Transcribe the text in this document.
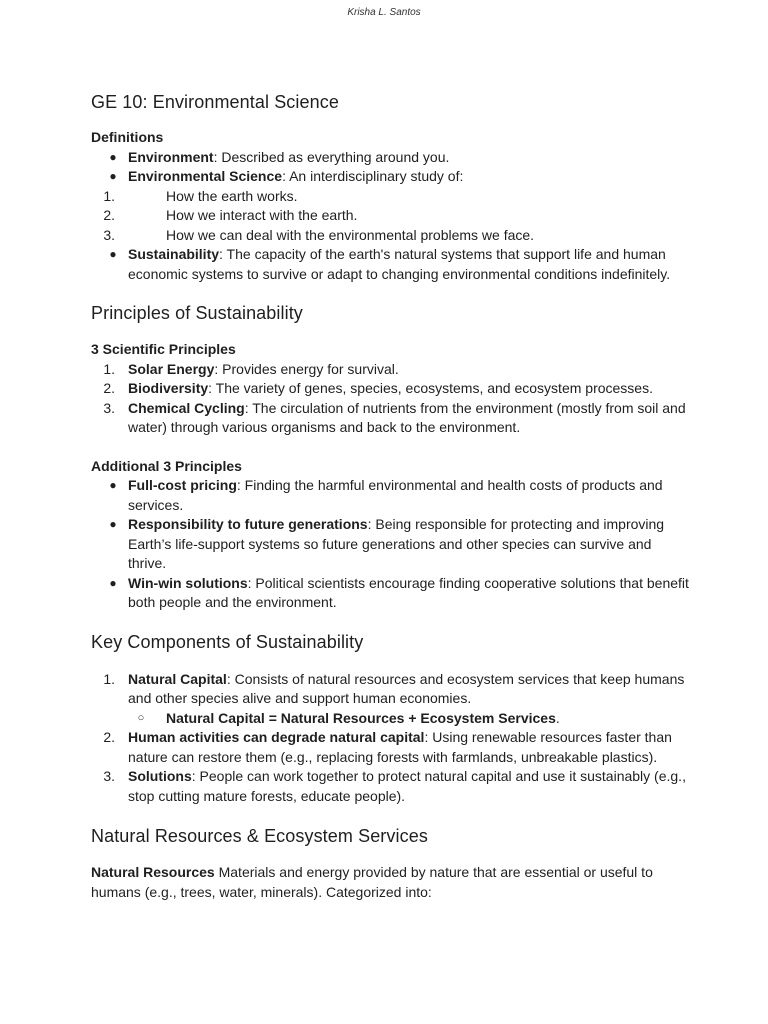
Krisha L. Santos
GE 10: Environmental Science
Definitions
● Environment: Described as everything around you.
● Environmental Science: An interdisciplinary study of:
1.	How the earth works.
2.	How we interact with the earth.
3.	How we can deal with the environmental problems we face.
● Sustainability: The capacity of the earth's natural systems that support life and human economic systems to survive or adapt to changing environmental conditions indefinitely.
Principles of Sustainability
3 Scientific Principles
1. Solar Energy: Provides energy for survival.
2. Biodiversity: The variety of genes, species, ecosystems, and ecosystem processes.
3. Chemical Cycling: The circulation of nutrients from the environment (mostly from soil and water) through various organisms and back to the environment.
Additional 3 Principles
● Full-cost pricing: Finding the harmful environmental and health costs of products and services.
● Responsibility to future generations: Being responsible for protecting and improving Earth’s life-support systems so future generations and other species can survive and thrive.
● Win-win solutions: Political scientists encourage finding cooperative solutions that benefit both people and the environment.
Key Components of Sustainability
1. Natural Capital: Consists of natural resources and ecosystem services that keep humans and other species alive and support human economies.
○	Natural Capital = Natural Resources + Ecosystem Services.
2. Human activities can degrade natural capital: Using renewable resources faster than nature can restore them (e.g., replacing forests with farmlands, unbreakable plastics).
3. Solutions: People can work together to protect natural capital and use it sustainably (e.g., stop cutting mature forests, educate people).
Natural Resources & Ecosystem Services

Natural Resources Materials and energy provided by nature that are essential or useful to humans (e.g., trees, water, minerals). Categorized into:
